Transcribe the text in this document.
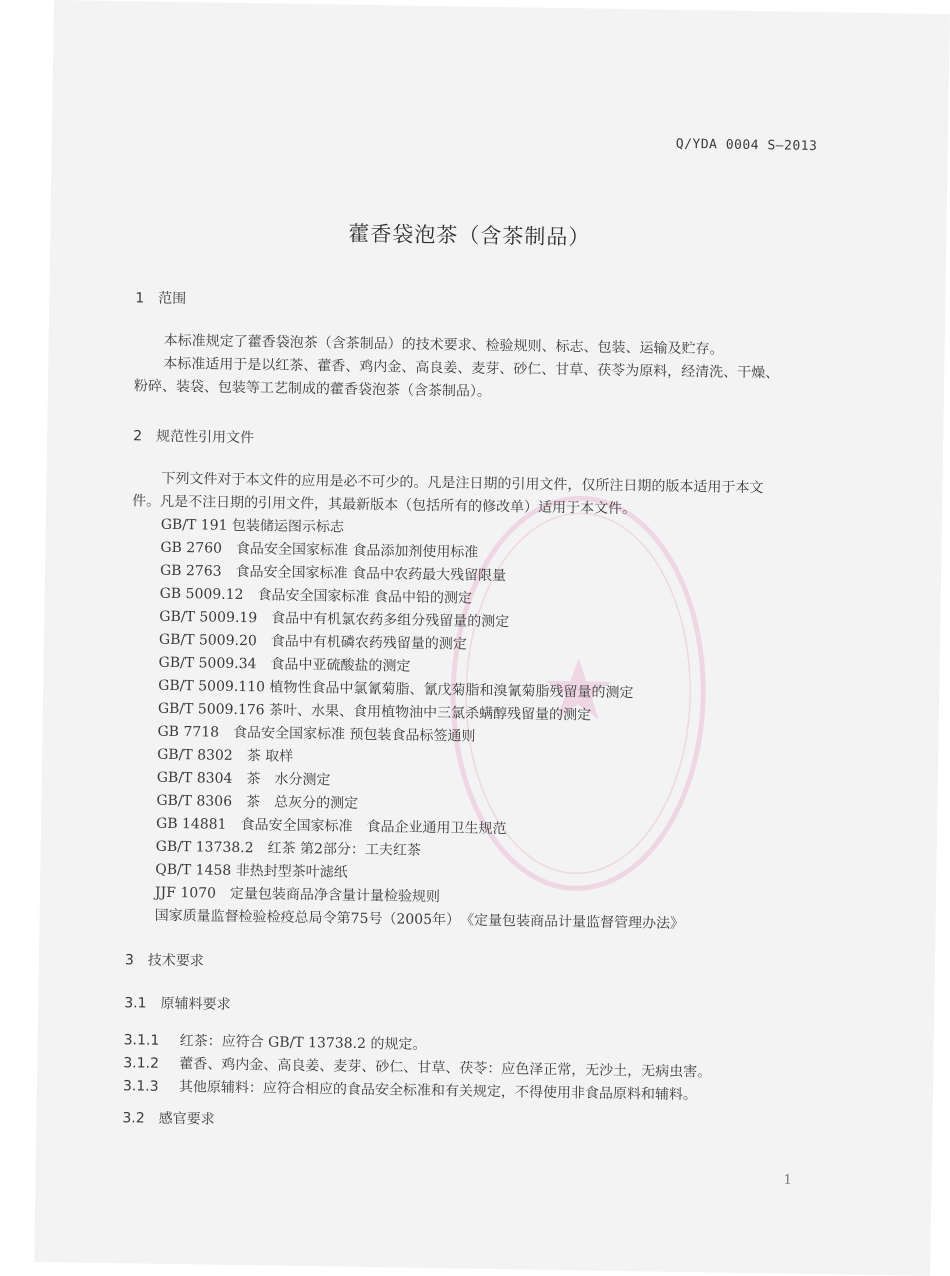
Q/YDA 0004 S—2013
藿香袋泡茶（含茶制品）
1　范围
本标准规定了藿香袋泡茶（含茶制品）的技术要求、检验规则、标志、包装、运输及贮存。
本标准适用于是以红茶、藿香、鸡内金、高良姜、麦芽、砂仁、甘草、茯苓为原料，经清洗、干燥、
粉碎、装袋、包装等工艺制成的藿香袋泡茶（含茶制品）。
2　规范性引用文件
下列文件对于本文件的应用是必不可少的。凡是注日期的引用文件，仅所注日期的版本适用于本文
件。凡是不注日期的引用文件，其最新版本（包括所有的修改单）适用于本文件。
GB/T 191 包装储运图示标志
GB 2760　食品安全国家标准 食品添加剂使用标准
GB 2763　食品安全国家标准 食品中农药最大残留限量
GB 5009.12　食品安全国家标准 食品中铅的测定
GB/T 5009.19　食品中有机氯农药多组分残留量的测定
GB/T 5009.20　食品中有机磷农药残留量的测定
GB/T 5009.34　食品中亚硫酸盐的测定
GB/T 5009.110 植物性食品中氯氰菊脂、氰戊菊脂和溴氰菊脂残留量的测定
GB/T 5009.176 茶叶、水果、食用植物油中三氯杀螨醇残留量的测定
GB 7718　食品安全国家标准 预包装食品标签通则
GB/T 8302　茶 取样
GB/T 8304　茶　水分测定
GB/T 8306　茶　总灰分的测定
GB 14881　食品安全国家标准　食品企业通用卫生规范
GB/T 13738.2　红茶 第2部分：工夫红茶
QB/T 1458 非热封型茶叶滤纸
JJF 1070　定量包装商品净含量计量检验规则
国家质量监督检验检疫总局令第75号（2005年）　《定量包装商品计量监督管理办法》
3　技术要求
3.1　原辅料要求
3.1.1 红茶：应符合 GB/T 13738.2 的规定。
3.1.2 藿香、鸡内金、高良姜、麦芽、砂仁、甘草、茯苓：应色泽正常，无沙土，无病虫害。
3.1.3 其他原辅料：应符合相应的食品安全标准和有关规定，不得使用非食品原料和辅料。
3.2　感官要求
1
